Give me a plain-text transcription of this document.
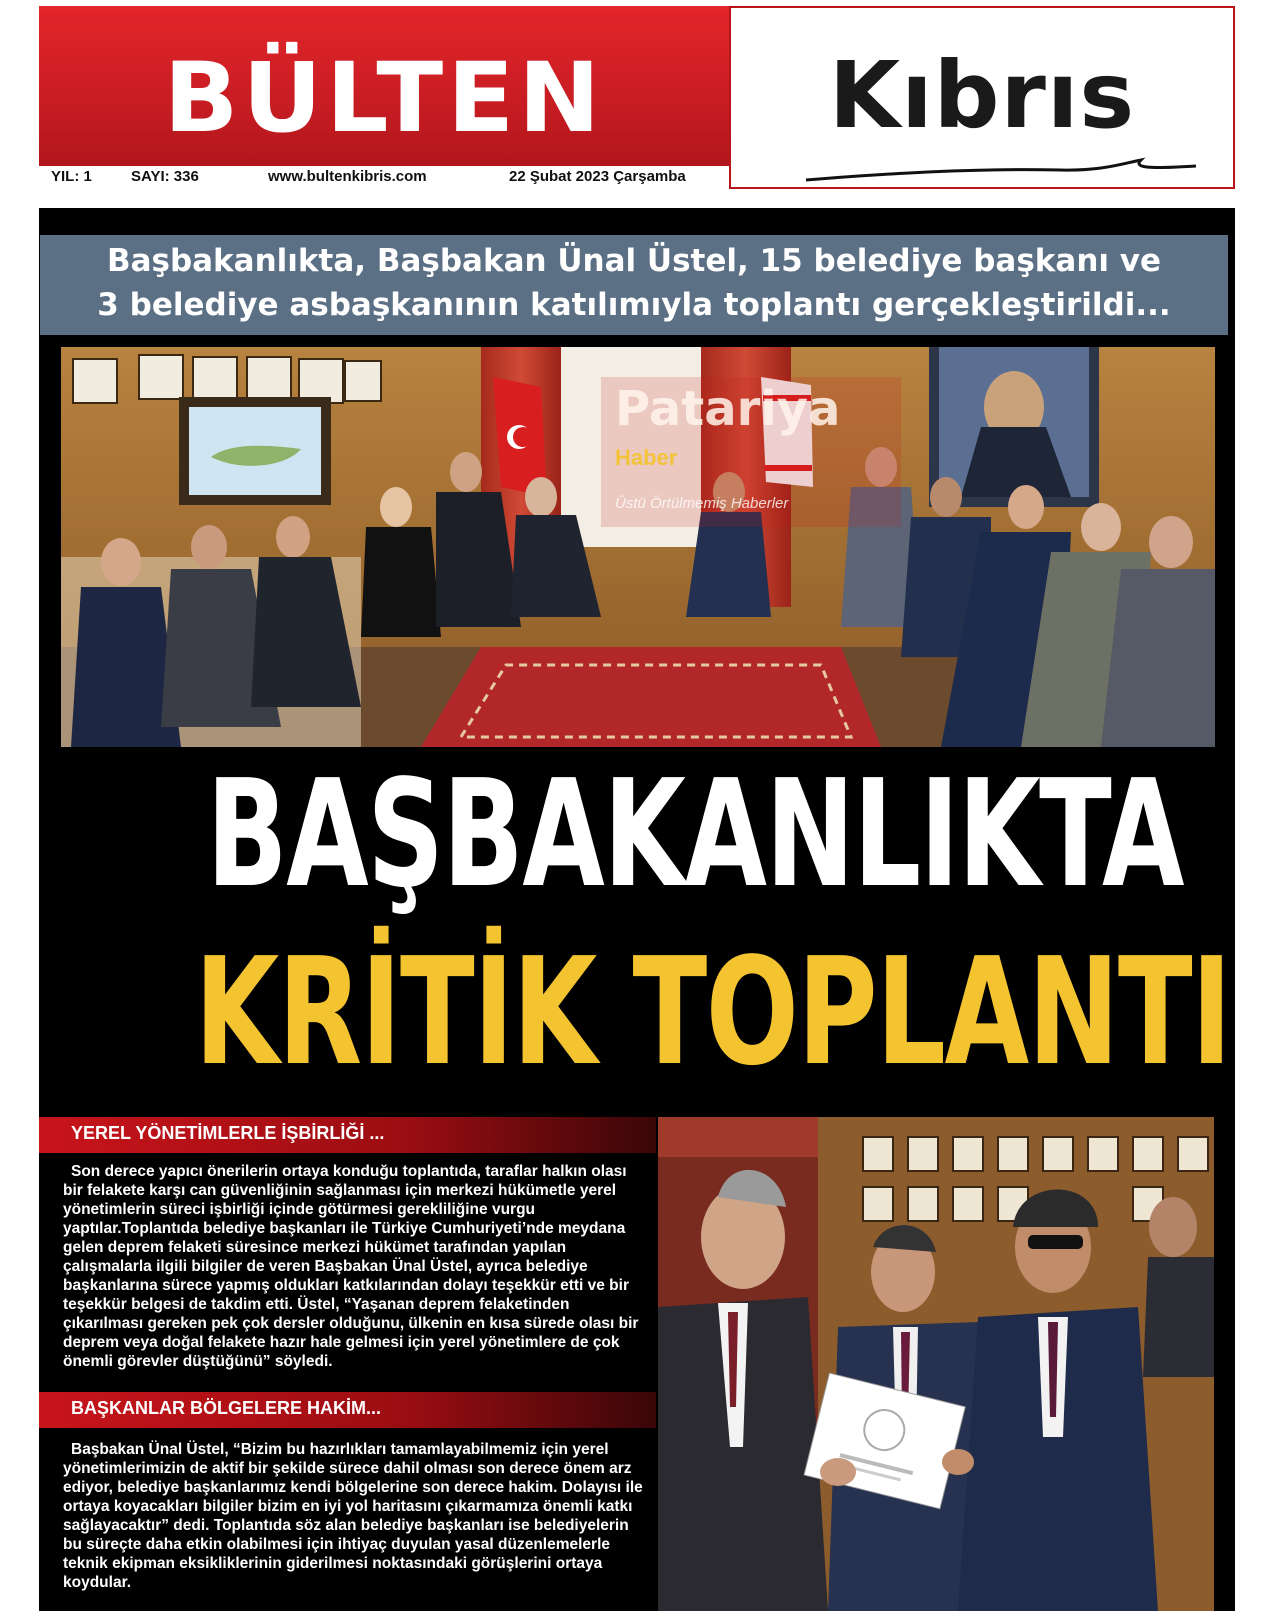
BÜLTEN
YIL: 1	SAYI: 336	www.bultenkibris.com	22 Şubat 2023 Çarşamba
Kıbrıs
Başbakanlıkta, Başbakan Ünal Üstel, 15 belediye başkanı ve
3 belediye asbaşkanının katılımıyla toplantı gerçekleştirildi...
Patariya
Haber
Üstü Örtülmemiş Haberler
BAŞBAKANLIKTA
KRİTİK TOPLANTI
YEREL YÖNETİMLERLE İŞBİRLİĞİ ...

Son derece yapıcı önerilerin ortaya konduğu toplantıda, taraflar halkın olası bir felakete karşı can güvenliğinin sağlanması için merkezi hükümetle yerel yönetimlerin süreci işbirliği içinde götürmesi gerekliliğine vurgu yaptılar.Toplantıda belediye başkanları ile Türkiye Cumhuriyeti’nde meydana gelen deprem felaketi süresince merkezi hükümet tarafından yapılan çalışmalarla ilgili bilgiler de veren Başbakan Ünal Üstel, ayrıca belediye başkanlarına sürece yapmış oldukları katkılarından dolayı teşekkür etti ve bir teşekkür belgesi de takdim etti. Üstel, “Yaşanan deprem felaketinden çıkarılması gereken pek çok dersler olduğunu, ülkenin en kısa sürede olası bir deprem veya doğal felakete hazır hale gelmesi için yerel yönetimlere de çok önemli görevler düştüğünü” söyledi.

BAŞKANLAR BÖLGELERE HAKİM...

Başbakan Ünal Üstel, “Bizim bu hazırlıkları tamamlayabilmemiz için yerel yönetimlerimizin de aktif bir şekilde sürece dahil olması son derece önem arz ediyor, belediye başkanlarımız kendi bölgelerine son derece hakim. Dolayısı ile ortaya koyacakları bilgiler bizim en iyi yol haritasını çıkarmamıza önemli katkı sağlayacaktır” dedi. Toplantıda söz alan belediye başkanları ise belediyelerin bu süreçte daha etkin olabilmesi için ihtiyaç duyulan yasal düzenlemelerle teknik ekipman eksikliklerinin giderilmesi noktasındaki görüşlerini ortaya koydular.
